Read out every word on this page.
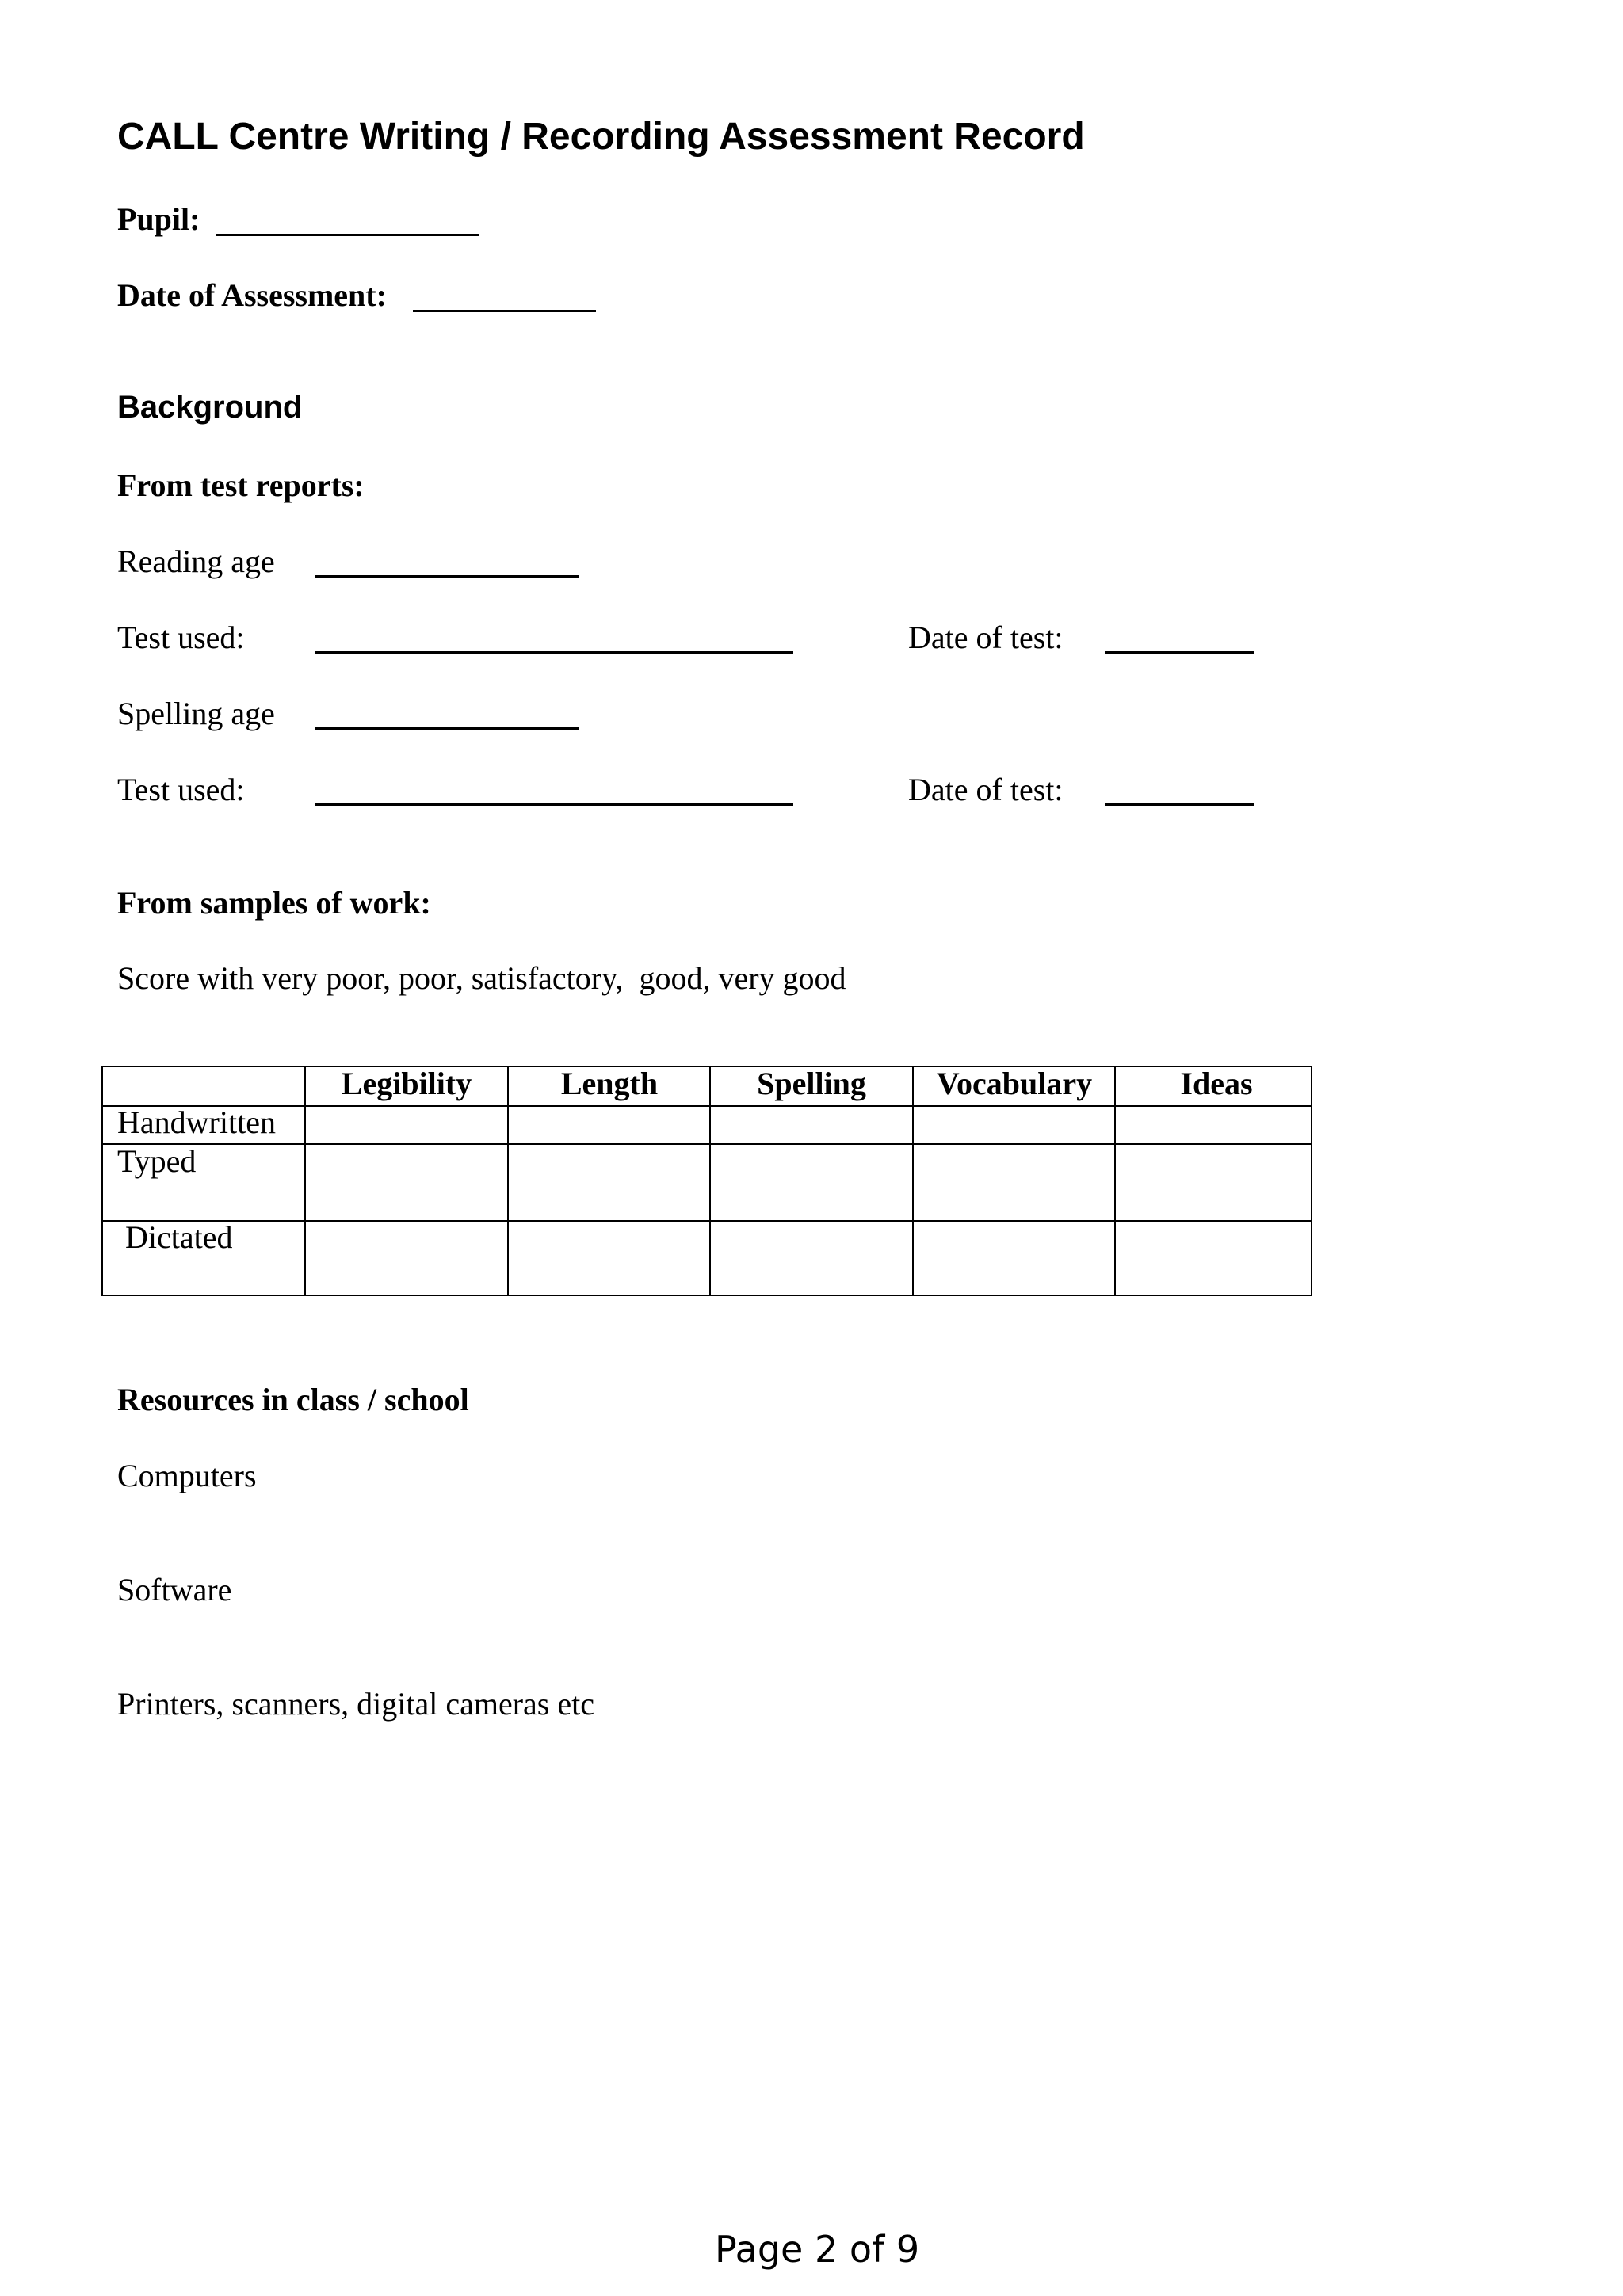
CALL Centre Writing / Recording Assessment Record
Pupil:
Date of Assessment:
Background
From test reports:
Reading age
Test used:	Date of test:
Spelling age
Test used:	Date of test:
From samples of work:
Score with very poor, poor, satisfactory,  good, very good
Legibility	Length	Spelling	Vocabulary	Ideas
Handwritten
Typed
Dictated
Resources in class / school
Computers
Software
Printers, scanners, digital cameras etc
Page 2 of 9
